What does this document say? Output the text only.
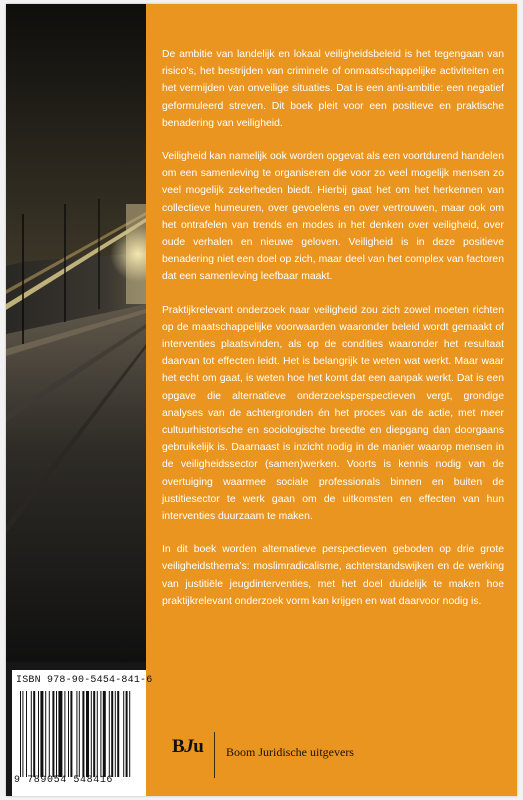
De ambitie van landelijk en lokaal veiligheidsbeleid is het tegengaan van risico’s, het bestrijden van criminele of onmaatschappelijke activiteiten en het vermijden van onveilige situaties. Dat is een anti-ambitie: een negatief geformuleerd streven. Dit boek pleit voor een positieve en praktische benadering van veiligheid.

Veiligheid kan namelijk ook worden opgevat als een voortdurend handelen om een samenleving te organiseren die voor zo veel mogelijk mensen zo veel mogelijk zekerheden biedt. Hierbij gaat het om het herkennen van collectieve humeuren, over gevoelens en over vertrouwen, maar ook om het ontrafelen van trends en modes in het denken over veiligheid, over oude verhalen en nieuwe geloven. Veiligheid is in deze positieve benadering niet een doel op zich, maar deel van het complex van factoren dat een samenleving leefbaar maakt.

Praktijkrelevant onderzoek naar veiligheid zou zich zowel moeten richten op de maatschappelijke voorwaarden waaronder beleid wordt gemaakt of interventies plaatsvinden, als op de condities waaronder het resultaat daarvan tot effecten leidt. Het is belangrijk te weten wat werkt. Maar waar het echt om gaat, is weten hoe het komt dat een aanpak werkt. Dat is een opgave die alternatieve onderzoeksperspectieven vergt, grondige analyses van de achtergronden én het proces van de actie, met meer cultuurhistorische en sociologische breedte en diepgang dan doorgaans gebruikelijk is. Daarnaast is inzicht nodig in de manier waarop mensen in de veiligheidssector (samen)werken. Voorts is kennis nodig van de overtuiging waarmee sociale professionals binnen en buiten de justitiesector te werk gaan om de uitkomsten en effecten van hun interventies duurzaam te maken.

In dit boek worden alternatieve perspectieven geboden op drie grote veiligheidsthema’s: moslimradicalisme, achterstandswijken en de werking van justitiële jeugdinterventies, met het doel duidelijk te maken hoe praktijkrelevant onderzoek vorm kan krijgen en wat daarvoor nodig is.

ISBN 978-90-5454-841-6
9 789054 548416
BJu Boom Juridische uitgevers
